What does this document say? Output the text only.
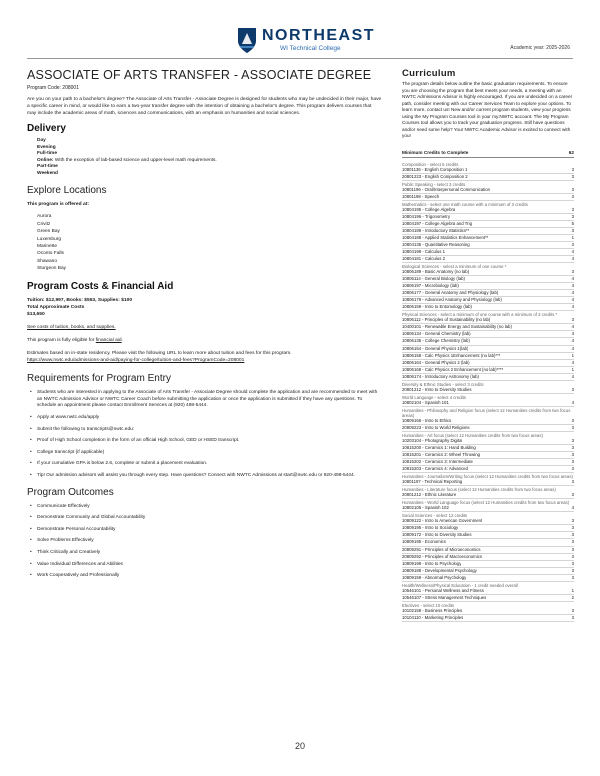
NORTHEAST
WI Technical College	Academic year: 2025-2026
ASSOCIATE OF ARTS TRANSFER - ASSOCIATE DEGREE
Program Code: 208001

Are you on your path to a bachelor's degree? The Associate of Arts Transfer - Associate Degree is designed for students who may be undecided in their major, have a specific career in mind, or would like to earn a two-year transfer degree with the intention of obtaining a bachelor's degree. This program delivers courses that may include the academic areas of math, sciences and communications, with an emphasis on humanities and social sciences.

Delivery
Day
Evening
Full-time
Online: With the exception of lab-based science and upper-level math requirements.
Part-time
Weekend
Explore Locations
This program is offered at:
Aurora
Crivitz
Green Bay
Luxemburg
Marinette
Oconto Falls
Shawano
Sturgeon Bay
Program Costs & Financial Aid
Tuition: $12,997, Books: $553, Supplies: $100
Total Approximate Costs
$13,650
See costs of tuition, books, and supplies.
This program is fully eligible for financial aid.
Estimates based on in-state residency. Please visit the following URL to learn more about tuition and fees for this program.
https://www.nwtc.edu/admissions-and-aid/paying-for-college/tuition-and-fees?ProgramCode=208001
Requirements for Program Entry
• Students who are interested in applying to the Associate of Arts Transfer - Associate Degree should complete the application and are recommended to meet with an NWTC Admission Advisor or NWTC Career Coach before submitting the application or once the application is submitted if they have any questions. To schedule an appointment please contact Enrollment Services at (920) 498-5444.
• Apply at www.nwtc.edu/apply
• Submit the following to transcripts@nwtc.edu:
• Proof of High School completion in the form of an official High School, GED or HSED transcript.
• College transcript (if applicable)
• If your cumulative GPA is below 2.6, complete or submit a placement evaluation.
• Tip! Our admission advisors will assist you through every step. Have questions? Connect with NWTC Admissions at start@nwtc.edu or 920-498-5444.
Program Outcomes
• Communicate Effectively
• Demonstrate Community and Global Accountability
• Demonstrate Personal Accountability
• Solve Problems Effectively
• Think Critically and Creatively
• Value Individual Differences and Abilities
• Work Cooperatively and Professionally
Curriculum

The program details below outline the basic graduation requirements. To ensure you are choosing the program that best meets your needs, a meeting with an NWTC Admissions Advisor is highly encouraged. If you are undecided on a career path, consider meeting with our Career Services Team to explore your options. To learn more, contact us! New and/or current program students, view your progress using the My Program Courses tool in your my.NWTC account. The My Program Courses tool allows you to track your graduation progress. Still have questions and/or need some help? Your NWTC Academic Advisor is excited to connect with you!

Minimum Credits to Complete	62
Composition - select 6 credits
10801136 - English Composition 1	3
20801223 - English Composition 2	3
Public Speaking - select 3 credits
10801196 - Oral/Interpersonal Communication	3
10801198 - Speech	3
Mathematics - select one math course with a minimum of 3 credits
10804195 - College Algebra	3
10804196 - Trigonometry	3
10804197 - College Algebra and Trig	5
10804189 - Introductory Statistics**	3
10804188 - Applied Statistics Enhancement**	1
10804135 - Quantitative Reasoning	3
10804198 - Calculus 1	4
10804181 - Calculus 2	4
Biological Sciences - select a minimum of one course *
10806189 - Basic Anatomy (no lab)	3
10806114 - General Biology (lab)	4
10806197 - Microbiology (lab)	4
10806177 - General Anatomy and Physiology (lab)	4
10806179 - Advanced Anatomy and Physiology (lab)	4
10806159 - Intro to Entomology (lab)	4
Physical Sciences - select a minimum of one course with a minimum of 3 credits *
10806112 - Principles of Sustainability (no lab)	3
10400101 - Renewable Energy and Sustainability (no lab)	4
10806134 - General Chemistry (lab)	4
10806135 - College Chemistry (lab)	4
10806154 - General Physics 1(lab)	4
10806158 - Calc Physics 1Enhancement (no lab)***	1
10806164 - General Physics 2 (lab)	4
10806168 - Calc Physics 2 Enhancement (no lab)****	1
10806174 - Introductory Astronomy (lab)	4
Diversity & Ethnic Studies - select 3 credits
20801212 - Intro to Diversity Studies	3
World Language - select 4 credits
10802104 - Spanish 101	4
Humanities - Philosophy and Religion focus (select 12 Humanities credits from two focus areas)
10809166 - Intro to Ethics	3
20809223 - Intro to World Religions	3
Humanities - Art focus (select 12 Humanities credits from two focus areas)
10203104 - Photography Digital	3
10815200 - Ceramics 1: Hand Building	3
10815201 - Ceramics 2: Wheel Throwing	3
10815202 - Ceramics 3: Intermediate	3
10815203 - Ceramics 4: Advanced	3
Humanities - Journalism/Writing focus (select 12 Humanities credits from two focus areas)
10801197 - Technical Reporting	3
Humanities - Literature focus (select 12 Humanities credits from two focus areas)
20801212 - Ethnic Literature	3
Humanities - World Language focus (select 12 Humanities credits from two focus areas)
10802105 - Spanish 102	4
Social Sciences - select 12 credits
10809122 - Intro to American Government	3
10809196 - Intro to Sociology	3
10809172 - Intro to Diversity Studies	3
10809195 - Economics	3
20809291 - Principles of Microeconomics	3
20809292 - Principles of Macroeconomics	3
10809198 - Intro to Psychology	3
10809188 - Developmental Psychology	3
10809159 - Abnormal Psychology	3
Health/Wellness/Physical Education - 1 credit needed overall
10546101 - Personal Wellness and Fitness	1
10546107 - Stress Management Techniques	2
Electives - select 10 credits
10102158 - Business Principles	3
10104110 - Marketing Principles	3
20
